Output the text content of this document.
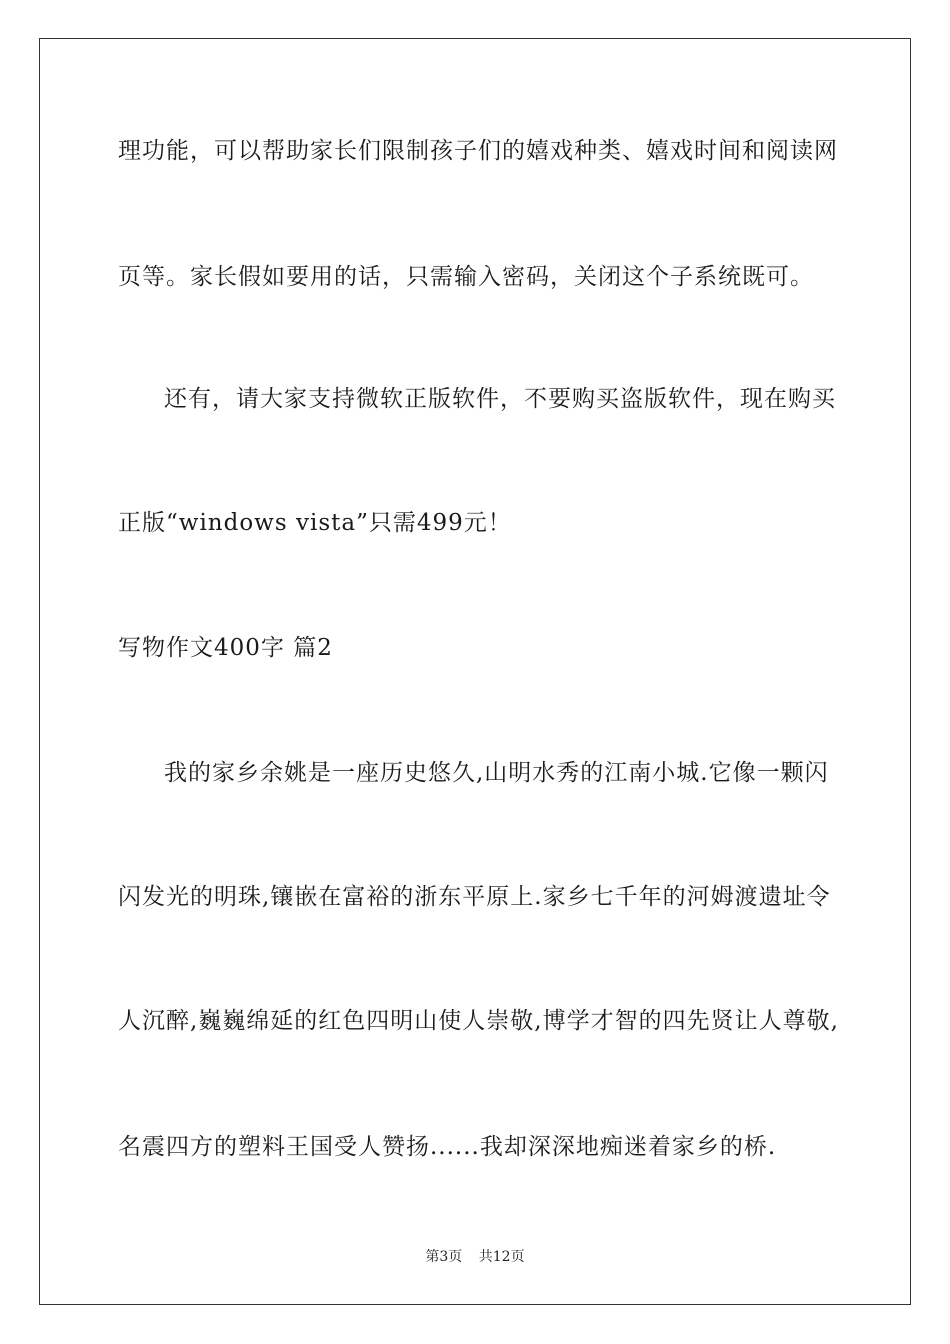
理功能，可以帮助家长们限制孩子们的嬉戏种类、嬉戏时间和阅读网
页等。家长假如要用的话，只需输入密码，关闭这个子系统既可。
还有，请大家支持微软正版软件，不要购买盗版软件，现在购买
正版“windows vista”只需499元！
写物作文400字 篇2
我的家乡余姚是一座历史悠久,山明水秀的江南小城.它像一颗闪
闪发光的明珠,镶嵌在富裕的浙东平原上.家乡七千年的河姆渡遗址令
人沉醉,巍巍绵延的红色四明山使人崇敬,博学才智的四先贤让人尊敬,
名震四方的塑料王国受人赞扬......我却深深地痴迷着家乡的桥.
第3页 共12页
